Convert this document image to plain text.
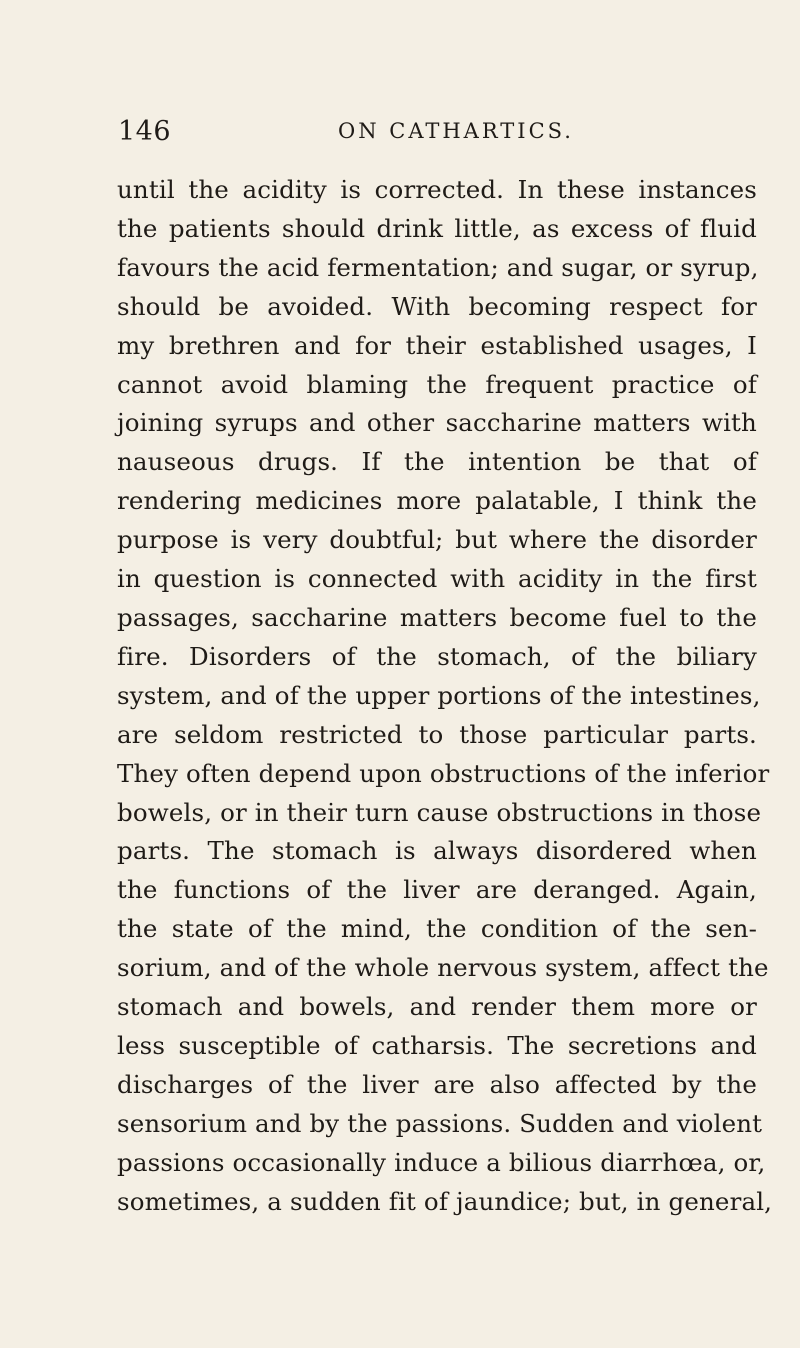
146	ON CATHARTICS.
until the acidity is corrected. In these instances
the patients should drink little, as excess of fluid
favours the acid fermentation; and sugar, or syrup,
should be avoided. With becoming respect for
my brethren and for their established usages, I
cannot avoid blaming the frequent practice of
joining syrups and other saccharine matters with
nauseous drugs. If the intention be that of
rendering medicines more palatable, I think the
purpose is very doubtful; but where the disorder
in question is connected with acidity in the first
passages, saccharine matters become fuel to the
fire. Disorders of the stomach, of the biliary
system, and of the upper portions of the intestines,
are seldom restricted to those particular parts.
They often depend upon obstructions of the inferior
bowels, or in their turn cause obstructions in those
parts. The stomach is always disordered when
the functions of the liver are deranged. Again,
the state of the mind, the condition of the sen-
sorium, and of the whole nervous system, affect the
stomach and bowels, and render them more or
less susceptible of catharsis. The secretions and
discharges of the liver are also affected by the
sensorium and by the passions. Sudden and violent
passions occasionally induce a bilious diarrhœa, or,
sometimes, a sudden fit of jaundice; but, in general,
